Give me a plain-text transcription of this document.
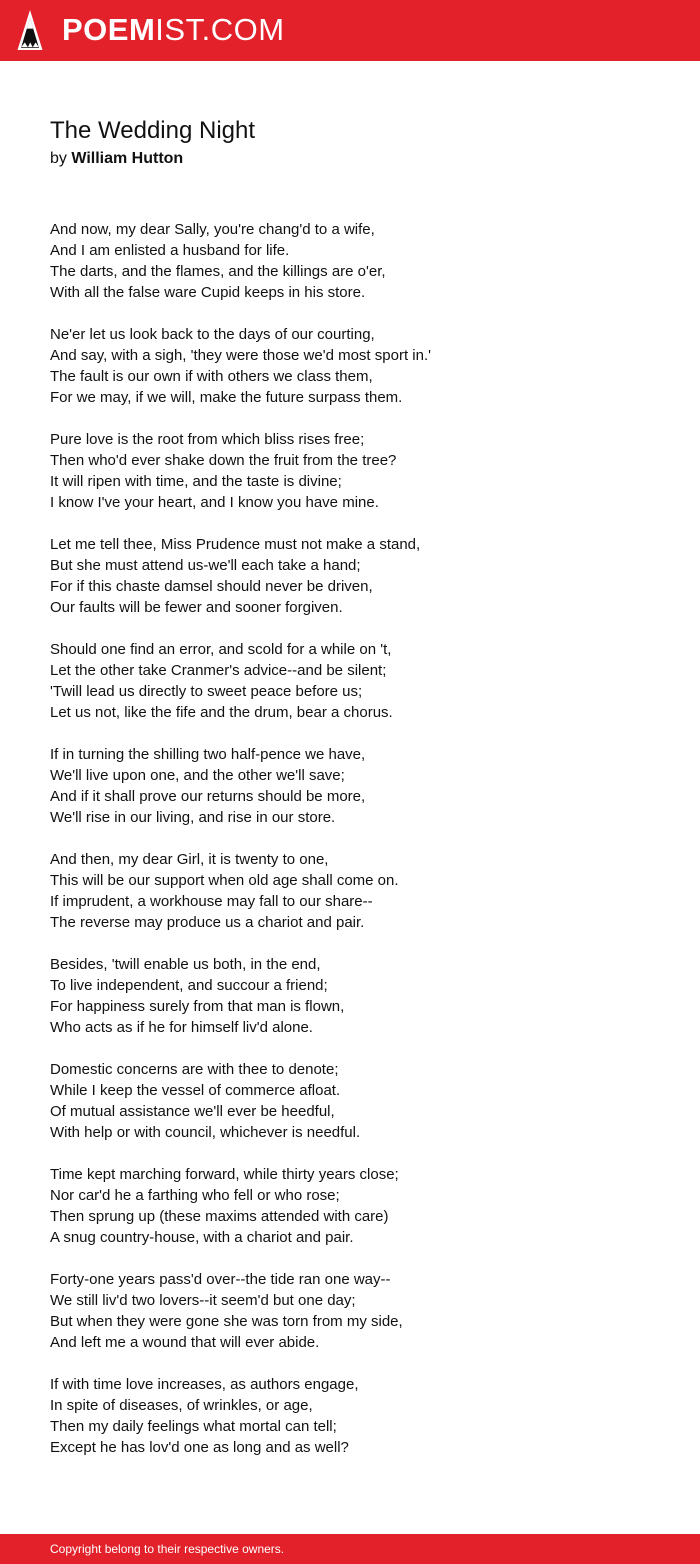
POEMIST.COM
The Wedding Night
by William Hutton
And now, my dear Sally, you're chang'd to a wife,
And I am enlisted a husband for life.
The darts, and the flames, and the killings are o'er,
With all the false ware Cupid keeps in his store.
Ne'er let us look back to the days of our courting,
And say, with a sigh, 'they were those we'd most sport in.'
The fault is our own if with others we class them,
For we may, if we will, make the future surpass them.
Pure love is the root from which bliss rises free;
Then who'd ever shake down the fruit from the tree?
It will ripen with time, and the taste is divine;
I know I've your heart, and I know you have mine.
Let me tell thee, Miss Prudence must not make a stand,
But she must attend us-we'll each take a hand;
For if this chaste damsel should never be driven,
Our faults will be fewer and sooner forgiven.
Should one find an error, and scold for a while on 't,
Let the other take Cranmer's advice--and be silent;
'Twill lead us directly to sweet peace before us;
Let us not, like the fife and the drum, bear a chorus.
If in turning the shilling two half-pence we have,
We'll live upon one, and the other we'll save;
And if it shall prove our returns should be more,
We'll rise in our living, and rise in our store.
And then, my dear Girl, it is twenty to one,
This will be our support when old age shall come on.
If imprudent, a workhouse may fall to our share--
The reverse may produce us a chariot and pair.
Besides, 'twill enable us both, in the end,
To live independent, and succour a friend;
For happiness surely from that man is flown,
Who acts as if he for himself liv'd alone.
Domestic concerns are with thee to denote;
While I keep the vessel of commerce afloat.
Of mutual assistance we'll ever be heedful,
With help or with council, whichever is needful.
Time kept marching forward, while thirty years close;
Nor car'd he a farthing who fell or who rose;
Then sprung up (these maxims attended with care)
A snug country-house, with a chariot and pair.
Forty-one years pass'd over--the tide ran one way--
We still liv'd two lovers--it seem'd but one day;
But when they were gone she was torn from my side,
And left me a wound that will ever abide.
If with time love increases, as authors engage,
In spite of diseases, of wrinkles, or age,
Then my daily feelings what mortal can tell;
Except he has lov'd one as long and as well?
Copyright belong to their respective owners.
